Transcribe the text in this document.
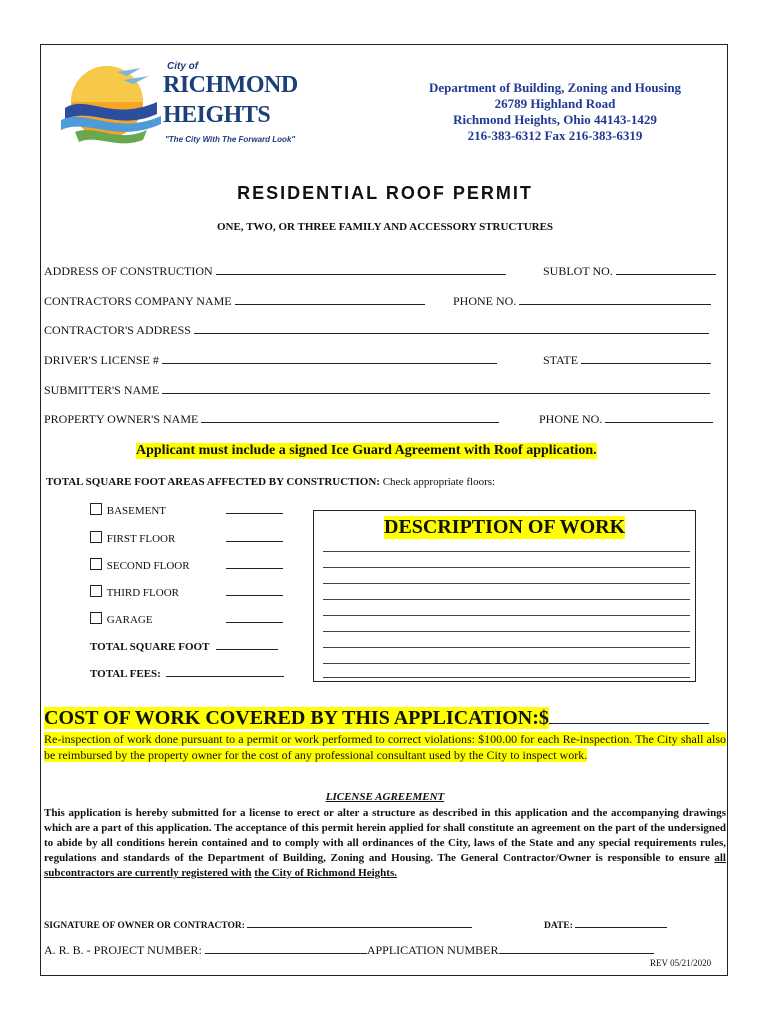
City of
RICHMOND
HEIGHTS
"The City With The Forward Look"
Department of Building, Zoning and Housing
26789 Highland Road
Richmond Heights, Ohio 44143-1429
216-383-6312 Fax 216-383-6319
RESIDENTIAL ROOF PERMIT
ONE, TWO, OR THREE FAMILY AND ACCESSORY STRUCTURES
ADDRESS OF CONSTRUCTION	SUBLOT NO.
CONTRACTORS COMPANY NAME	PHONE NO.
CONTRACTOR'S ADDRESS
DRIVER'S LICENSE #	STATE
SUBMITTER'S NAME
PROPERTY OWNER'S NAME	PHONE NO.
Applicant must include a signed Ice Guard Agreement with Roof application.
TOTAL SQUARE FOOT AREAS AFFECTED BY CONSTRUCTION: Check appropriate floors:
BASEMENT
FIRST FLOOR
SECOND FLOOR
THIRD FLOOR
GARAGE
TOTAL SQUARE FOOT
TOTAL FEES:
DESCRIPTION OF WORK
COST OF WORK COVERED BY THIS APPLICATION:$
Re-inspection of work done pursuant to a permit or work performed to correct violations: $100.00 for each Re-inspection. The City shall also be reimbursed by the property owner for the cost of any professional consultant used by the City to inspect work.
LICENSE AGREEMENT
This application is hereby submitted for a license to erect or alter a structure as described in this application and the accompanying drawings which are a part of this application. The acceptance of this permit herein applied for shall constitute an agreement on the part of the undersigned to abide by all conditions herein contained and to comply with all ordinances of the City, laws of the State and any special requirements rules, regulations and standards of the Department of Building, Zoning and Housing. The General Contractor/Owner is responsible to ensure all subcontractors are currently registered with the City of Richmond Heights.
SIGNATURE OF OWNER OR CONTRACTOR:	DATE:
A. R. B. - PROJECT NUMBER:	APPLICATION NUMBER
REV 05/21/2020
